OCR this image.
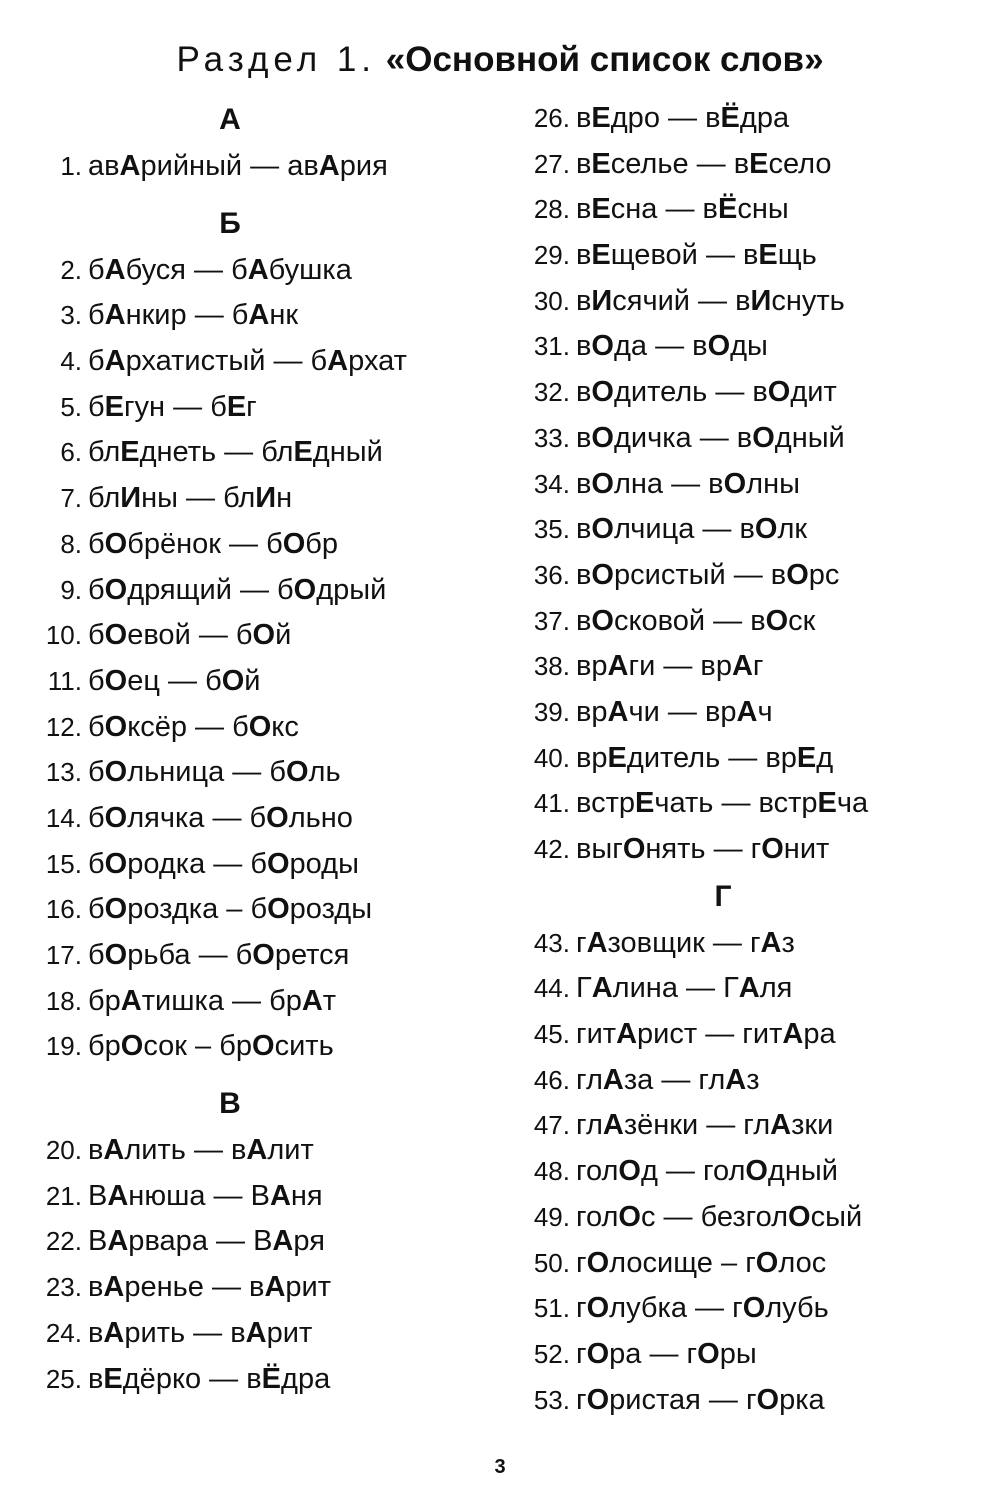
Раздел 1. «Основной список слов»
А
1. авАрийный — авАрия
Б
2. бАбуся — бАбушка
3. бАнкир — бАнк
4. бАрхатистый — бАрхат
5. бЕгун — бЕг
6. блЕднеть — блЕдный
7. блИны — блИн
8. бОбрёнок — бОбр
9. бОдрящий — бОдрый
10. бОевой — бОй
11. бОец — бОй
12. бОксёр — бОкс
13. бОльница — бОль
14. бОлячка — бОльно
15. бОродка — бОроды
16. бОроздка – бОрозды
17. бОрьба — бОрется
18. брАтишка — брАт
19. брОсок – брОсить
В
20. вАлить — вАлит
21. ВАнюша — ВАня
22. ВАрвара — ВАря
23. вАренье — вАрит
24. вАрить — вАрит
25. вЕдёрко — вЁдра
26. вЕдро — вЁдра
27. вЕселье — вЕсело
28. вЕсна — вЁсны
29. вЕщевой — вЕщь
30. вИсячий — вИснуть
31. вОда — вОды
32. вОдитель — вОдит
33. вОдичка — вОдный
34. вОлна — вОлны
35. вОлчица — вОлк
36. вОрсистый — вОрс
37. вОсковой — вОск
38. врАги — врАг
39. врАчи — врАч
40. врЕдитель — врЕд
41. встрЕчать — встрЕча
42. выгОнять — гОнит
Г
43. гАзовщик — гАз
44. ГАлина — ГАля
45. гитАрист — гитАра
46. глАза — глАз
47. глАзёнки — глАзки
48. голОд — голОдный
49. голОс — безголОсый
50. гОлосище – гОлос
51. гОлубка — гОлубь
52. гОра — гОры
53. гОристая — гОрка
3
